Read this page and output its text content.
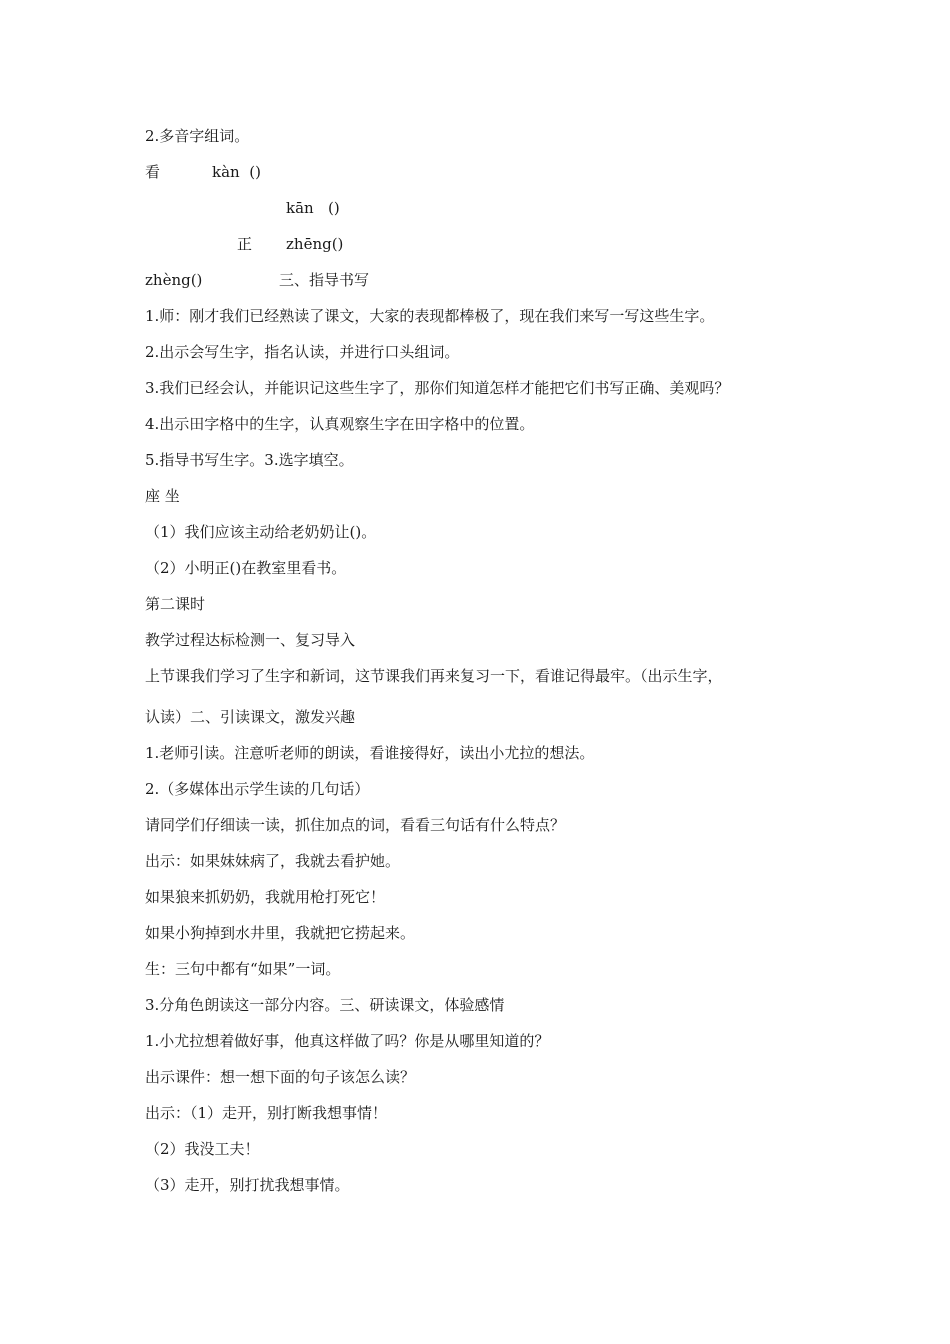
2.多音字组词。
看	kàn  ()
kān   ()
正 zhēng()
zhèng()	三、指导书写
1.师：刚才我们已经熟读了课文，大家的表现都棒极了，现在我们来写一写这些生字。
2.出示会写生字，指名认读，并进行口头组词。
3.我们已经会认，并能识记这些生字了，那你们知道怎样才能把它们书写正确、美观吗？
4.出示田字格中的生字，认真观察生字在田字格中的位置。
5.指导书写生字。3.选字填空。
座 坐
（1）我们应该主动给老奶奶让()。
（2）小明正()在教室里看书。
第二课时
教学过程达标检测一、复习导入
上节课我们学习了生字和新词，这节课我们再来复习一下，看谁记得最牢。（出示生字，
认读）二、引读课文，激发兴趣
1.老师引读。注意听老师的朗读，看谁接得好，读出小尤拉的想法。
2.（多媒体出示学生读的几句话）
请同学们仔细读一读，抓住加点的词，看看三句话有什么特点？
出示：如果妹妹病了，我就去看护她。
如果狼来抓奶奶，我就用枪打死它！
如果小狗掉到水井里，我就把它捞起来。
生：三句中都有“如果”一词。
3.分角色朗读这一部分内容。三、研读课文，体验感情
1.小尤拉想着做好事，他真这样做了吗？你是从哪里知道的？
出示课件：想一想下面的句子该怎么读？
出示：（1）走开，别打断我想事情！
（2）我没工夫！
（3）走开，别打扰我想事情。
